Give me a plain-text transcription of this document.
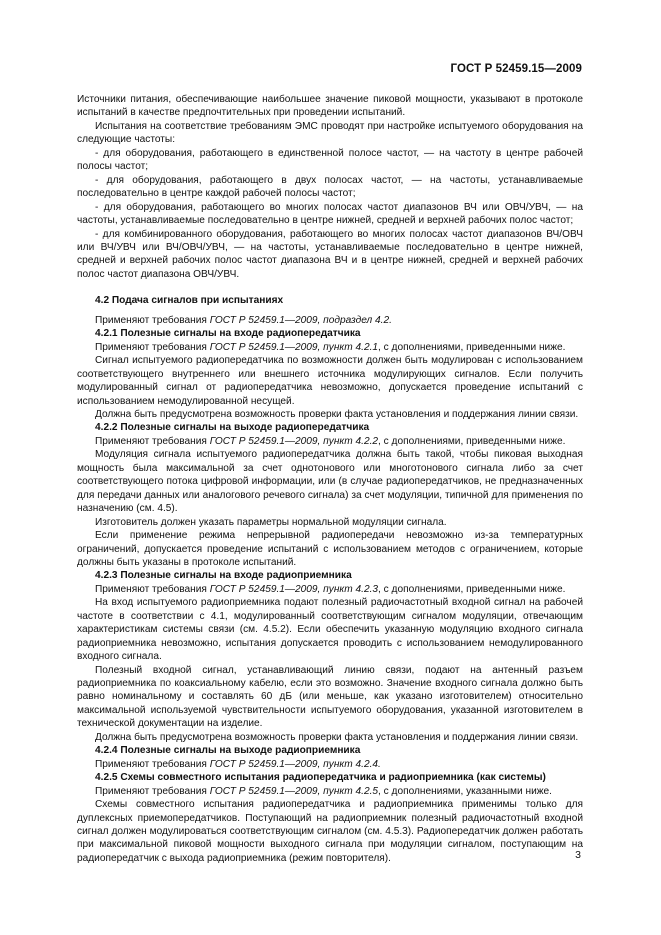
ГОСТ Р 52459.15—2009

Источники питания, обеспечивающие наибольшее значение пиковой мощности, указывают в протоколе испытаний в качестве предпочтительных при проведении испытаний.

Испытания на соответствие требованиям ЭМС проводят при настройке испытуемого оборудования на следующие частоты:

- для оборудования, работающего в единственной полосе частот, — на частоту в центре рабочей полосы частот;

- для оборудования, работающего в двух полосах частот, — на частоты, устанавливаемые последовательно в центре каждой рабочей полосы частот;

- для оборудования, работающего во многих полосах частот диапазонов ВЧ или ОВЧ/УВЧ, — на частоты, устанавливаемые последовательно в центре нижней, средней и верхней рабочих полос частот;

- для комбинированного оборудования, работающего во многих полосах частот диапазонов ВЧ/ОВЧ или ВЧ/УВЧ или ВЧ/ОВЧ/УВЧ, — на частоты, устанавливаемые последовательно в центре нижней, средней и верхней рабочих полос частот диапазона ВЧ и в центре нижней, средней и верхней рабочих полос частот диапазона ОВЧ/УВЧ.

4.2 Подача сигналов при испытаниях

Применяют требования ГОСТ Р 52459.1—2009, подраздел 4.2.

4.2.1 Полезные сигналы на входе радиопередатчика

Применяют требования ГОСТ Р 52459.1—2009, пункт 4.2.1, с дополнениями, приведенными ниже.

Сигнал испытуемого радиопередатчика по возможности должен быть модулирован с использованием соответствующего внутреннего или внешнего источника модулирующих сигналов. Если получить модулированный сигнал от радиопередатчика невозможно, допускается проведение испытаний с использованием немодулированной несущей.

Должна быть предусмотрена возможность проверки факта установления и поддержания линии связи.

4.2.2 Полезные сигналы на выходе радиопередатчика

Применяют требования ГОСТ Р 52459.1—2009, пункт 4.2.2, с дополнениями, приведенными ниже.

Модуляция сигнала испытуемого радиопередатчика должна быть такой, чтобы пиковая выходная мощность была максимальной за счет однотонового или многотонового сигнала либо за счет соответствующего потока цифровой информации, или (в случае радиопередатчиков, не предназначенных для передачи данных или аналогового речевого сигнала) за счет модуляции, типичной для применения по назначению (см. 4.5).

Изготовитель должен указать параметры нормальной модуляции сигнала.

Если применение режима непрерывной радиопередачи невозможно из-за температурных ограничений, допускается проведение испытаний с использованием методов с ограничением, которые должны быть указаны в протоколе испытаний.

4.2.3 Полезные сигналы на входе радиоприемника

Применяют требования ГОСТ Р 52459.1—2009, пункт 4.2.3, с дополнениями, приведенными ниже.

На вход испытуемого радиоприемника подают полезный радиочастотный входной сигнал на рабочей частоте в соответствии с 4.1, модулированный соответствующим сигналом модуляции, отвечающим характеристикам системы связи (см. 4.5.2). Если обеспечить указанную модуляцию входного сигнала радиоприемника невозможно, испытания допускается проводить с использованием немодулированного входного сигнала.

Полезный входной сигнал, устанавливающий линию связи, подают на антенный разъем радиоприемника по коаксиальному кабелю, если это возможно. Значение входного сигнала должно быть равно номинальному и составлять 60 дБ (или меньше, как указано изготовителем) относительно максимальной используемой чувствительности испытуемого оборудования, указанной изготовителем в технической документации на изделие.

Должна быть предусмотрена возможность проверки факта установления и поддержания линии связи.

4.2.4 Полезные сигналы на выходе радиоприемника

Применяют требования ГОСТ Р 52459.1—2009, пункт 4.2.4.

4.2.5 Схемы совместного испытания радиопередатчика и радиоприемника (как системы)

Применяют требования ГОСТ Р 52459.1—2009, пункт 4.2.5, с дополнениями, указанными ниже.

Схемы совместного испытания радиопередатчика и радиоприемника применимы только для дуплексных приемопередатчиков. Поступающий на радиоприемник полезный радиочастотный входной сигнал должен модулироваться соответствующим сигналом (см. 4.5.3). Радиопередатчик должен работать при максимальной пиковой мощности выходного сигнала при модуляции сигналом, поступающим на радиопередатчик с выхода радиоприемника (режим повторителя).	3
